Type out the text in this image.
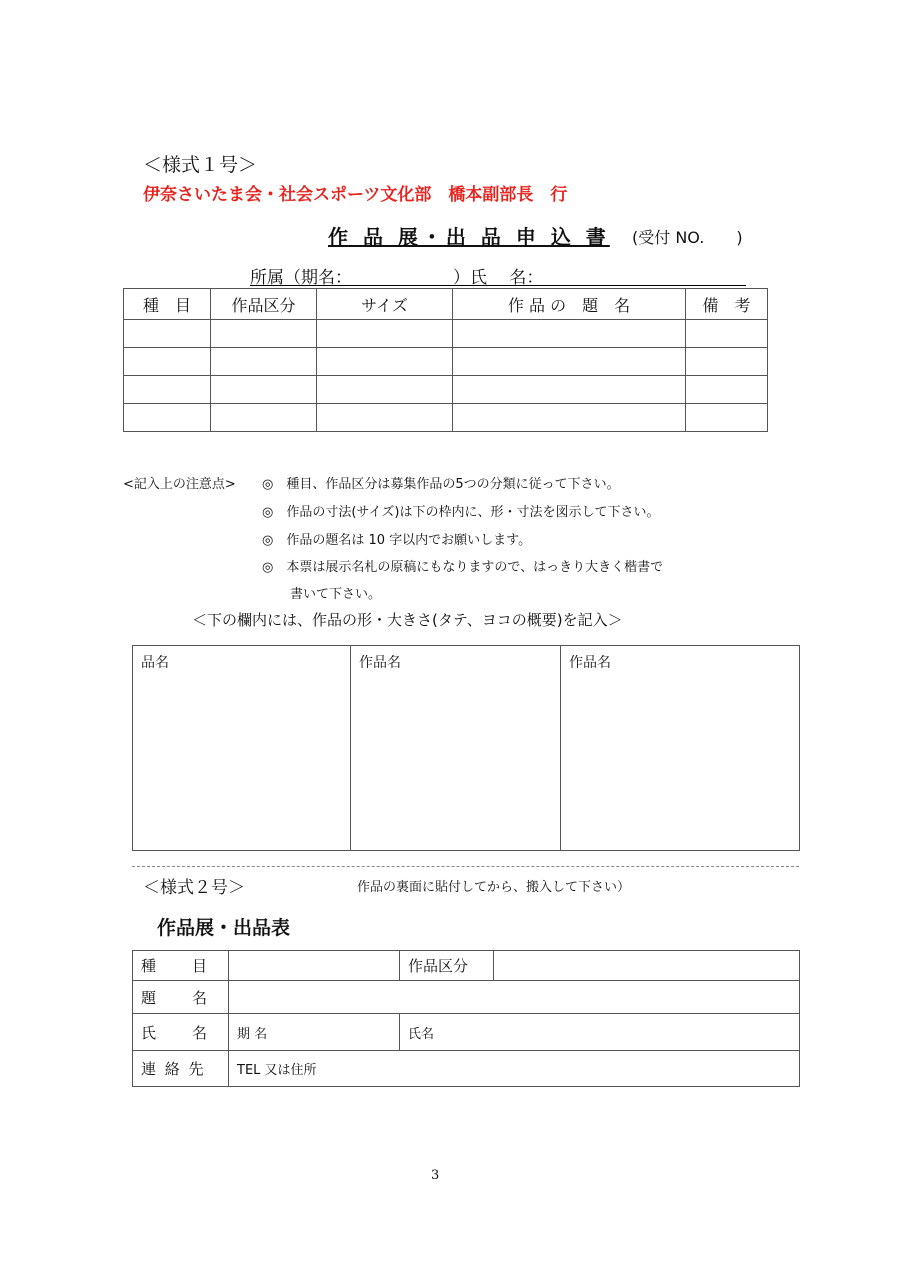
＜様式１号＞
伊奈さいたま会・社会スポーツ文化部　橋本副部長　行
作 品 展・出 品 申 込 書 (受付 NO.　　)
所属（期名：	）氏　 名：
種　目	作品区分	サイズ	作 品 の　題　名	備　考

<記入上の注意点> ◎　種目、作品区分は募集作品の5つの分類に従って下さい。
◎　作品の寸法(サイズ)は下の枠内に、形・寸法を図示して下さい。
◎　作品の題名は 10 字以内でお願いします。
◎　本票は展示名札の原稿にもなりますので、はっきり大きく楷書で
書いて下さい。
＜下の欄内には、作品の形・大きさ(タテ、ヨコの概要)を記入＞
品名	作品名	作品名
＜様式２号＞	作品の裏面に貼付してから、搬入して下さい）
作品展・出品表
種　　目		作品区分	
題　　名			
氏　　名	期 名	氏名	
連 絡 先	TEL 又は住所		
3
